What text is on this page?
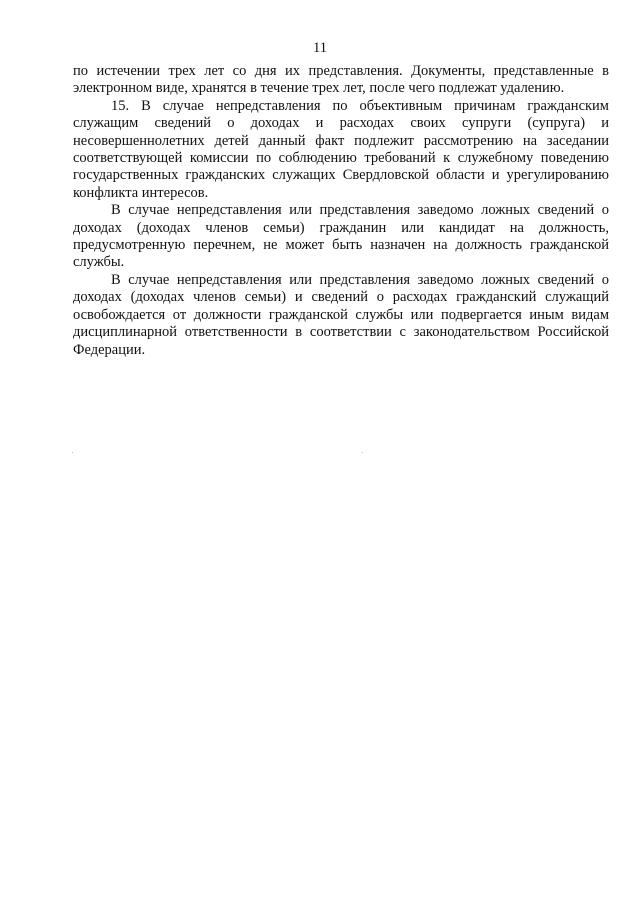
11

по истечении трех лет со дня их представления. Документы, представленные в электронном виде, хранятся в течение трех лет, после чего подлежат удалению.

15. В случае непредставления по объективным причинам гражданским служащим сведений о доходах и расходах своих супруги (супруга) и несовершеннолетних детей данный факт подлежит рассмотрению на заседании соответствующей комиссии по соблюдению требований к служебному поведению государственных гражданских служащих Свердловской области и урегулированию конфликта интересов.

В случае непредставления или представления заведомо ложных сведений о доходах (доходах членов семьи) гражданин или кандидат на должность, предусмотренную перечнем, не может быть назначен на должность гражданской службы.

В случае непредставления или представления заведомо ложных сведений о доходах (доходах членов семьи) и сведений о расходах гражданский служащий освобождается от должности гражданской службы или подвергается иным видам дисциплинарной ответственности в соответствии с законодательством Российской Федерации.
